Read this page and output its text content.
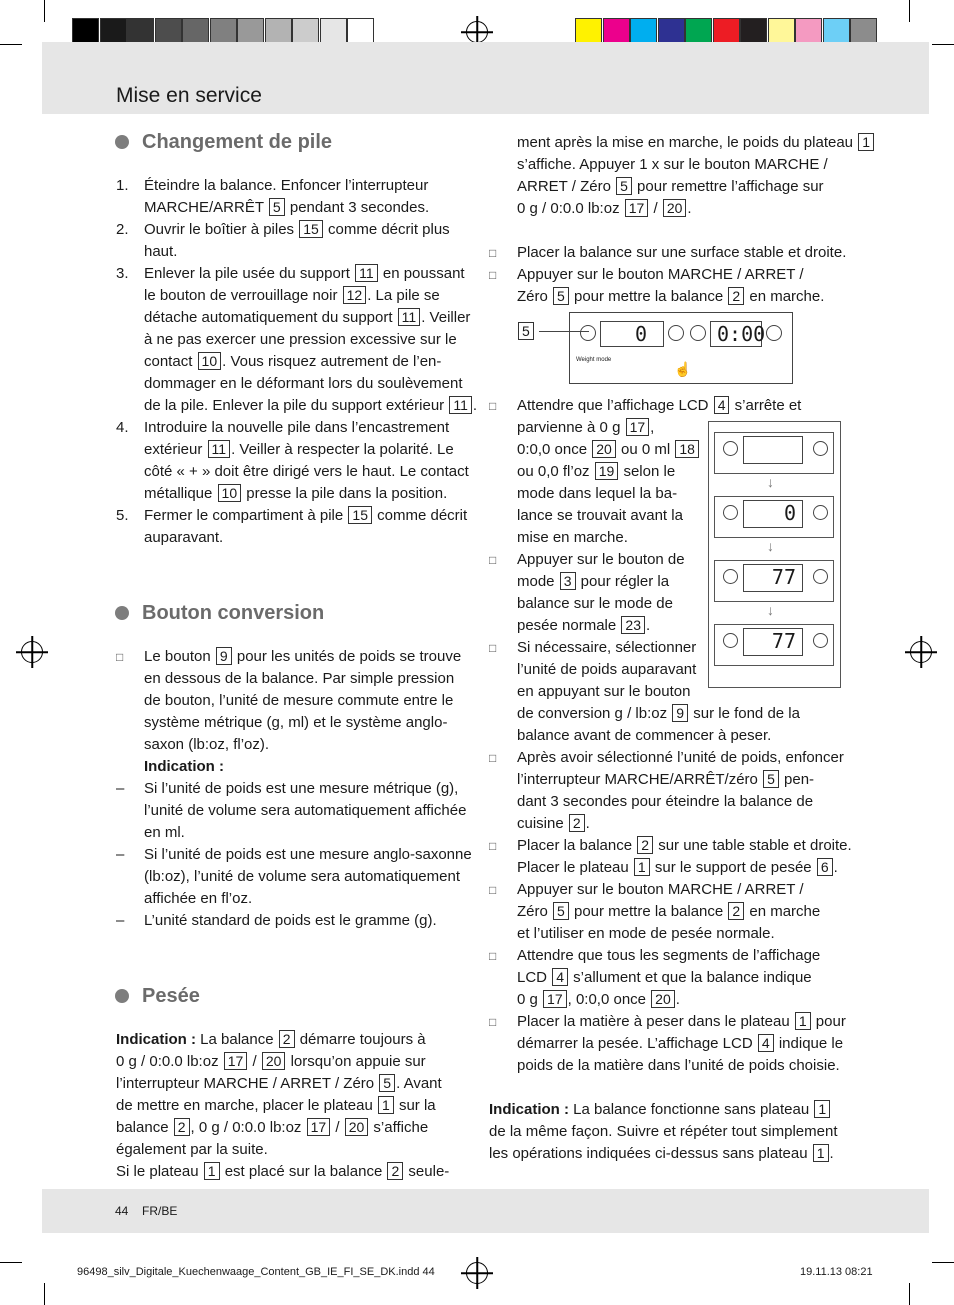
Mise en service
Changement de pile
1. Éteindre la balance. Enfoncer l’interrupteur
MARCHE/ARRÊT 5 pendant 3 secondes.
2. Ouvrir le boîtier à piles 15 comme décrit plus
haut.
3. Enlever la pile usée du support 11 en poussant
le bouton de verrouillage noir 12 . La pile se
détache automatiquement du support 11 . Veiller
à ne pas exercer une pression excessive sur le
contact 10 . Vous risquez autrement de l’en-
dommager en le déformant lors du soulèvement
de la pile. Enlever la pile du support extérieur 11 .
4. Introduire la nouvelle pile dans l’encastrement
extérieur 11 . Veiller à respecter la polarité. Le
côté « + » doit être dirigé vers le haut. Le contact
métallique 10 presse la pile dans la position.
5. Fermer le compartiment à pile 15 comme décrit
auparavant.
Bouton conversion
□ Le bouton 9 pour les unités de poids se trouve
en dessous de la balance. Par simple pression
de bouton, l’unité de mesure commute entre le
système métrique (g, ml) et le système anglo-
saxon (lb:oz, fl’oz).
Indication :
– Si l’unité de poids est une mesure métrique (g),
l’unité de volume sera automatiquement affichée
en ml.
– Si l’unité de poids est une mesure anglo-saxonne
(lb:oz), l’unité de volume sera automatiquement
affichée en fl’oz.
– L’unité standard de poids est le gramme (g).
Pesée
Indication : La balance 2 démarre toujours à
0 g / 0:0.0 lb:oz 17 / 20 lorsqu’on appuie sur
l’interrupteur MARCHE / ARRET / Zéro 5 . Avant
de mettre en marche, placer le plateau 1 sur la
balance 2 , 0 g / 0:0.0 lb:oz 17 / 20 s’affiche
également par la suite.
Si le plateau 1 est placé sur la balance 2 seule-
ment après la mise en marche, le poids du plateau 1
s’affiche. Appuyer 1 x sur le bouton MARCHE /
ARRET / Zéro 5 pour remettre l’affichage sur
0 g / 0:0.0 lb:oz 17 / 20 .
□ Placer la balance sur une surface stable et droite.
□ Appuyer sur le bouton MARCHE / ARRET /
Zéro 5 pour mettre la balance 2 en marche.
5	0	0:00
Weight mode
☝
□ Attendre que l’affichage LCD 4 s’arrête et
parvienne à 0 g 17 ,
0:0,0 once 20 ou 0 ml 18
ou 0,0 fl’oz 19 selon le
mode dans lequel la ba-
lance se trouvait avant la
mise en marche.
□ Appuyer sur le bouton de
mode 3 pour régler la
balance sur le mode de
pesée normale 23 .
□ Si nécessaire, sélectionner
l’unité de poids auparavant
en appuyant sur le bouton
de conversion g / lb:oz 9 sur le fond de la
balance avant de commencer à peser.
□ Après avoir sélectionné l’unité de poids, enfoncer
l’interrupteur MARCHE/ARRÊT/zéro 5 pen-
dant 3 secondes pour éteindre la balance de
cuisine 2 .
□ Placer la balance 2 sur une table stable et droite.
Placer le plateau 1 sur le support de pesée 6 .
□ Appuyer sur le bouton MARCHE / ARRET /
Zéro 5 pour mettre la balance 2 en marche
et l’utiliser en mode de pesée normale.
□ Attendre que tous les segments de l’affichage
LCD 4 s’allument et que la balance indique
0 g 17 , 0:0,0 once 20 .
□ Placer la matière à peser dans le plateau 1 pour
démarrer la pesée. L’affichage LCD 4 indique le
poids de la matière dans l’unité de poids choisie.
Indication : La balance fonctionne sans plateau 1
de la même façon. Suivre et répéter tout simplement
les opérations indiquées ci-dessus sans plateau 1 .
↓
0
↓
77
↓
77
44 FR/BE
96498_silv_Digitale_Kuechenwaage_Content_GB_IE_FI_SE_DK.indd 44	19.11.13 08:21
